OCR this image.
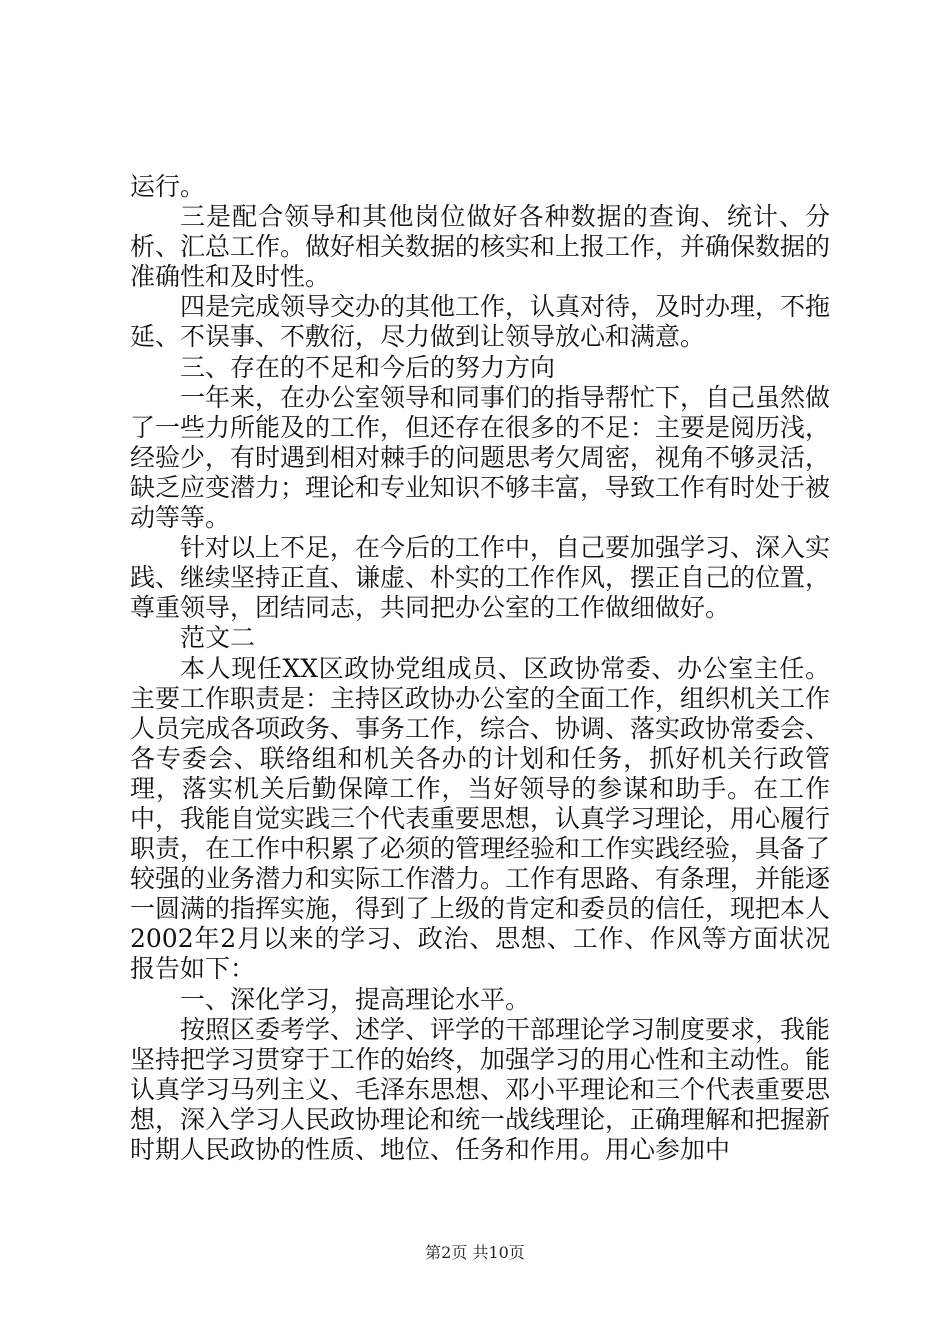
运行。

三是配合领导和其他岗位做好各种数据的查询、统计、分析、汇总工作。做好相关数据的核实和上报工作，并确保数据的准确性和及时性。

四是完成领导交办的其他工作，认真对待，及时办理，不拖延、不误事、不敷衍，尽力做到让领导放心和满意。

三、存在的不足和今后的努力方向

一年来，在办公室领导和同事们的指导帮忙下，自己虽然做了一些力所能及的工作，但还存在很多的不足：主要是阅历浅，经验少，有时遇到相对棘手的问题思考欠周密，视角不够灵活，缺乏应变潜力；理论和专业知识不够丰富，导致工作有时处于被动等等。

针对以上不足，在今后的工作中，自己要加强学习、深入实践、继续坚持正直、谦虚、朴实的工作作风，摆正自己的位置，尊重领导，团结同志，共同把办公室的工作做细做好。

范文二

本人现任XX区政协党组成员、区政协常委、办公室主任。主要工作职责是：主持区政协办公室的全面工作，组织机关工作人员完成各项政务、事务工作，综合、协调、落实政协常委会、各专委会、联络组和机关各办的计划和任务，抓好机关行政管理，落实机关后勤保障工作，当好领导的参谋和助手。在工作中，我能自觉实践三个代表重要思想，认真学习理论，用心履行职责，在工作中积累了必须的管理经验和工作实践经验，具备了较强的业务潜力和实际工作潜力。工作有思路、有条理，并能逐一圆满的指挥实施，得到了上级的肯定和委员的信任，现把本人2002年2月以来的学习、政治、思想、工作、作风等方面状况报告如下：

一、深化学习，提高理论水平。

按照区委考学、述学、评学的干部理论学习制度要求，我能坚持把学习贯穿于工作的始终，加强学习的用心性和主动性。能认真学习马列主义、毛泽东思想、邓小平理论和三个代表重要思想，深入学习人民政协理论和统一战线理论，正确理解和把握新时期人民政协的性质、地位、任务和作用。用心参加中

第2页 共10页
